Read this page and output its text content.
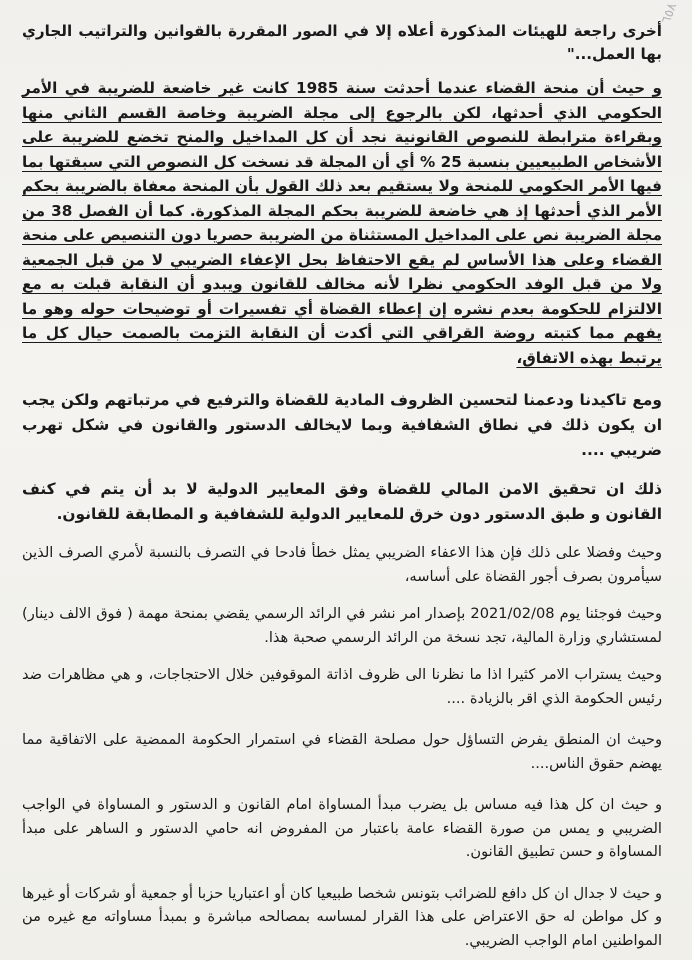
٦٥٨

أخرى راجعة للهيئات المذكورة أعلاه إلا في الصور المقررة بالقوانين والتراتيب الجاري بها العمل..."

و حيث أن منحة القضاء عندما أحدثت سنة 1985 كانت غير خاضعة للضريبة في الأمر الحكومي الذي أحدثها، لكن بالرجوع إلى مجلة الضريبة وخاصة القسم الثاني منها وبقراءة مترابطة للنصوص القانونية نجد أن كل المداخيل والمنح تخضع للضريبة على الأشخاص الطبيعيين بنسبة 25 % أي أن المجلة قد نسخت كل النصوص التي سبقتها بما فيها الأمر الحكومي للمنحة ولا يستقيم بعد ذلك القول بأن المنحة معفاة بالضريبة بحكم الأمر الذي أحدثها إذ هي خاضعة للضريبة بحكم المجلة المذكورة. كما أن الفصل 38 من مجلة الضريبة نص على المداخيل المستثناة من الضريبة حصريا دون التنصيص على منحة القضاء وعلى هذا الأساس لم يقع الاحتفاظ بحل الإعفاء الضريبي لا من قبل الجمعية ولا من قبل الوفد الحكومي نظرا لأنه مخالف للقانون ويبدو أن النقابة قبلت به مع الالتزام للحكومة بعدم نشره إن إعطاء القضاة أي تفسيرات أو توضيحات حوله وهو ما يفهم مما كتبته روضة القراقي التي أكدت أن النقابة التزمت بالصمت حيال كل ما يرتبط بهذه الاتفاق،

ومع تاكيدنا ودعمنا لتحسين الظروف المادية للقضاة والترفيع في مرتباتهم ولكن يجب ان يكون ذلك في نطاق الشفافية وبما لايخالف الدستور والقانون في شكل تهرب ضريبي ....

ذلك ان تحقيق الامن المالي للقضاة وفق المعايير الدولية لا بد أن يتم في كنف القانون و طبق الدستور دون خرق للمعايير الدولية للشفافية و المطابقة للقانون.

وحيث وفضلا على ذلك فإن هذا الاعفاء الضريبي يمثل خطأ فادحا في التصرف بالنسبة لأمري الصرف الذين سيأمرون بصرف أجور القضاة على أساسه،

وحيث فوجئنا يوم 2021/02/08 بإصدار امر نشر في الرائد الرسمي يقضي بمنحة مهمة ( فوق الالف دينار) لمستشاري وزارة المالية، تجد نسخة من الرائد الرسمي صحبة هذا.

وحيث يستراب الامر كثيرا اذا ما نظرنا الى ظروف اذاتة الموقوفين خلال الاحتجاجات، و هي مظاهرات ضد رئيس الحكومة الذي اقر بالزيادة ....

وحيث ان المنطق يفرض التساؤل حول مصلحة القضاء في استمرار الحكومة الممضية على الاتفاقية مما يهضم حقوق الناس....

و حيث ان كل هذا فيه مساس بل يضرب مبدأ المساواة امام القانون و الدستور و المساواة في الواجب الضريبي و يمس من صورة القضاء عامة باعتبار من المفروض انه حامي الدستور و الساهر على مبدأ المساواة و حسن تطبيق القانون.

و حيث لا جدال ان كل دافع للضرائب بتونس شخصا طبيعيا كان أو اعتباريا حزبا أو جمعية أو شركات أو غيرها و كل مواطن له حق الاعتراض على هذا القرار لمساسه بمصالحه مباشرة و بمبدأ مساواته مع غيره من المواطنين امام الواجب الضريبي.
